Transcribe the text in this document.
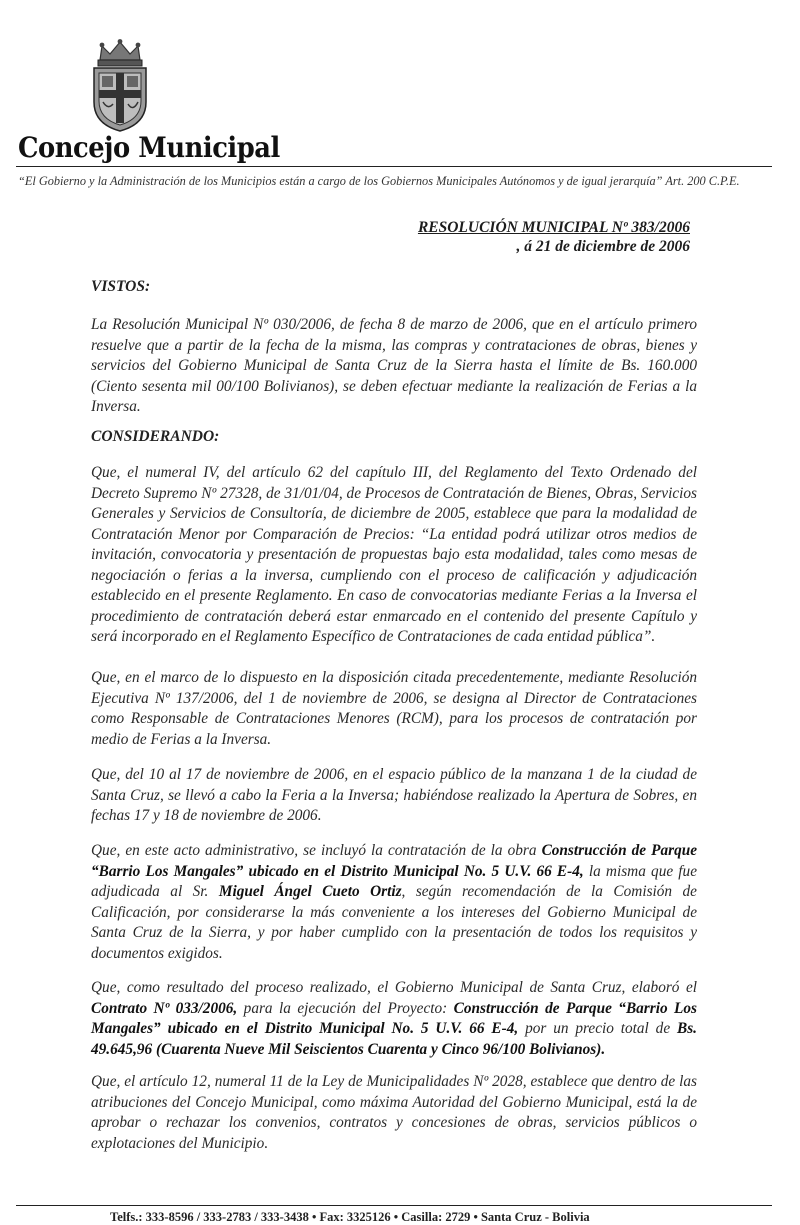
Concejo Municipal
“El Gobierno y la Administración de los Municipios están a cargo de los Gobiernos Municipales Autónomos y de igual jerarquía” Art. 200 C.P.E.
RESOLUCIÓN MUNICIPAL Nº 383/2006
, á 21 de diciembre de 2006
VISTOS:

La Resolución Municipal Nº 030/2006, de fecha 8 de marzo de 2006, que en el artículo primero resuelve que a partir de la fecha de la misma, las compras y contrataciones de obras, bienes y servicios del Gobierno Municipal de Santa Cruz de la Sierra hasta el límite de Bs. 160.000 (Ciento sesenta mil 00/100 Bolivianos), se deben efectuar mediante la realización de Ferias a la Inversa.

CONSIDERANDO:

Que, el numeral IV, del artículo 62 del capítulo III, del Reglamento del Texto Ordenado del Decreto Supremo Nº 27328, de 31/01/04, de Procesos de Contratación de Bienes, Obras, Servicios Generales y Servicios de Consultoría, de diciembre de 2005, establece que para la modalidad de Contratación Menor por Comparación de Precios: “La entidad podrá utilizar otros medios de invitación, convocatoria y presentación de propuestas bajo esta modalidad, tales como mesas de negociación o ferias a la inversa, cumpliendo con el proceso de calificación y adjudicación establecido en el presente Reglamento. En caso de convocatorias mediante Ferias a la Inversa el procedimiento de contratación deberá estar enmarcado en el contenido del presente Capítulo y será incorporado en el Reglamento Específico de Contrataciones de cada entidad pública”.

Que, en el marco de lo dispuesto en la disposición citada precedentemente, mediante Resolución Ejecutiva Nº 137/2006, del 1 de noviembre de 2006, se designa al Director de Contrataciones como Responsable de Contrataciones Menores (RCM), para los procesos de contratación por medio de Ferias a la Inversa.

Que, del 10 al 17 de noviembre de 2006, en el espacio público de la manzana 1 de la ciudad de Santa Cruz, se llevó a cabo la Feria a la Inversa; habiéndose realizado la Apertura de Sobres, en fechas 17 y 18 de noviembre de 2006.

Que, en este acto administrativo, se incluyó la contratación de la obra Construcción de Parque “Barrio Los Mangales” ubicado en el Distrito Municipal No. 5 U.V. 66 E-4, la misma que fue adjudicada al Sr. Miguel Ángel Cueto Ortiz, según recomendación de la Comisión de Calificación, por considerarse la más conveniente a los intereses del Gobierno Municipal de Santa Cruz de la Sierra, y por haber cumplido con la presentación de todos los requisitos y documentos exigidos.

Que, como resultado del proceso realizado, el Gobierno Municipal de Santa Cruz, elaboró el Contrato Nº 033/2006, para la ejecución del Proyecto: Construcción de Parque “Barrio Los Mangales” ubicado en el Distrito Municipal No. 5 U.V. 66 E-4, por un precio total de Bs. 49.645,96 (Cuarenta Nueve Mil Seiscientos Cuarenta y Cinco 96/100 Bolivianos).

Que, el artículo 12, numeral 11 de la Ley de Municipalidades Nº 2028, establece que dentro de las atribuciones del Concejo Municipal, como máxima Autoridad del Gobierno Municipal, está la de aprobar o rechazar los convenios, contratos y concesiones de obras, servicios públicos o explotaciones del Municipio.

Telfs.: 333-8596 / 333-2783 / 333-3438 • Fax: 3325126 • Casilla: 2729 • Santa Cruz - Bolivia
